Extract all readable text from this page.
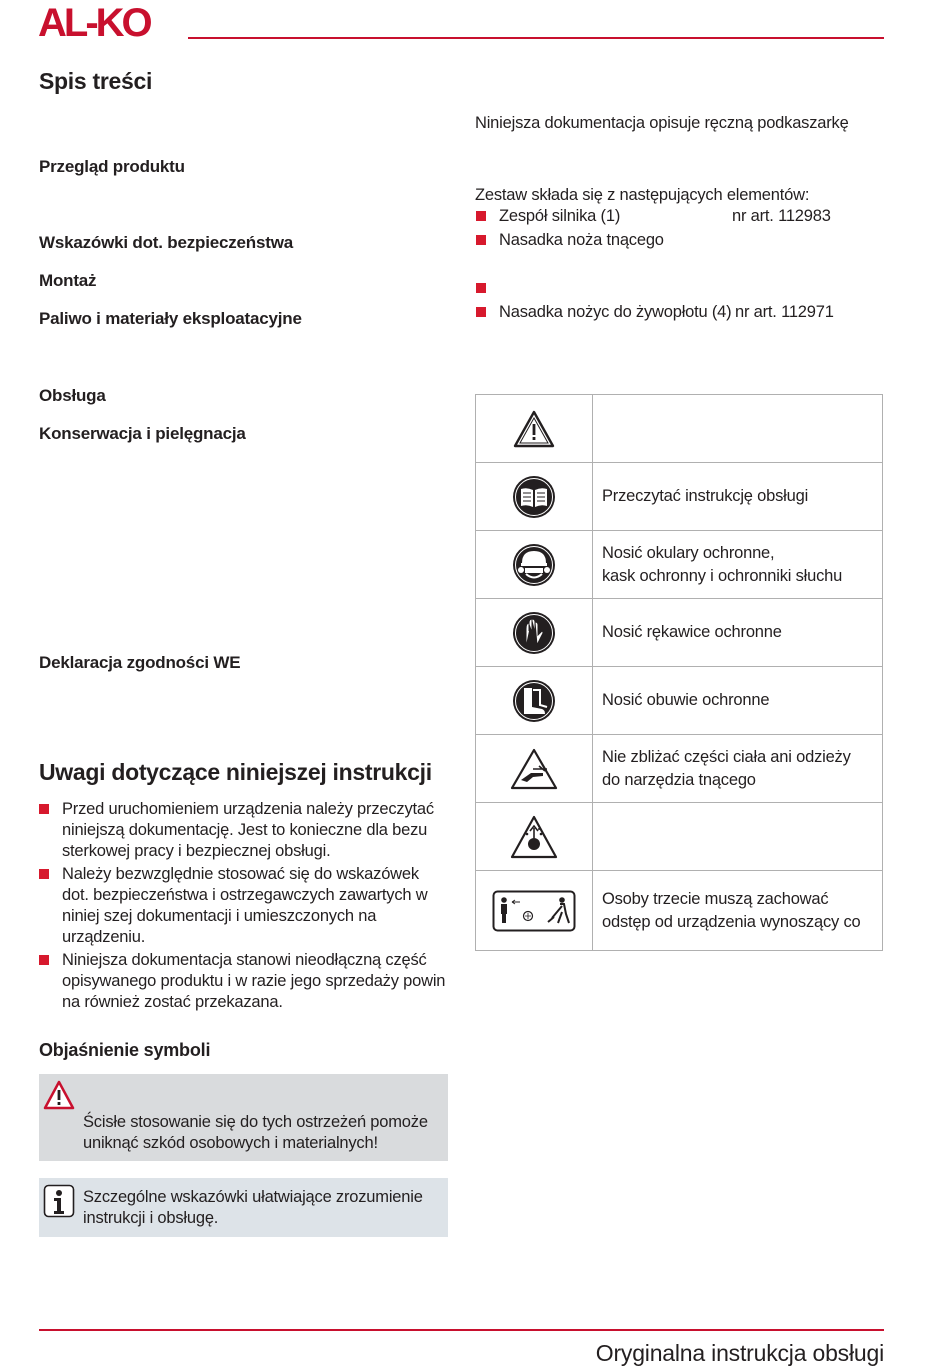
AL-KO
Spis treści
Przegląd produktu
Wskazówki dot. bezpieczeństwa
Montaż
Paliwo i materiały eksploatacyjne
Obsługa
Konserwacja i pielęgnacja
Deklaracja zgodności WE
Uwagi dotyczące niniejszej instrukcji
Przed uruchomieniem urządzenia należy przeczytać niniejszą dokumentację. Jest to konieczne dla bezu sterkowej pracy i bezpiecznej obsługi.
Należy bezwzględnie stosować się do wskazówek dot. bezpieczeństwa i ostrzegawczych zawartych w niniej szej dokumentacji i umieszczonych na urządzeniu.
Niniejsza dokumentacja stanowi nieodłączną część opisywanego produktu i w razie jego sprzedaży powin na również zostać przekazana.
Objaśnienie symboli
Ścisłe stosowanie się do tych ostrzeżeń pomoże uniknąć szkód osobowych i materialnych!
Szczególne wskazówki ułatwiające zrozumienie instrukcji i obsługę.
Niniejsza dokumentacja opisuje ręczną podkaszarkę
Zestaw składa się z następujących elementów:
Zespół silnika (1)	nr art. 112983
Nasadka noża tnącego
Nasadka nożyc do żywopłotu (4) nr art. 112971

	Przeczytać instrukcję obsługi

	Nosić okulary ochronne,
kask ochronny i ochronniki słuchu

	Nosić rękawice ochronne

	Nosić obuwie ochronne

	Nie zbliżać części ciała ani odzieży
do narzędzia tnącego

	Osoby trzecie muszą zachować
odstęp od urządzenia wynoszący co
Oryginalna instrukcja obsługi
